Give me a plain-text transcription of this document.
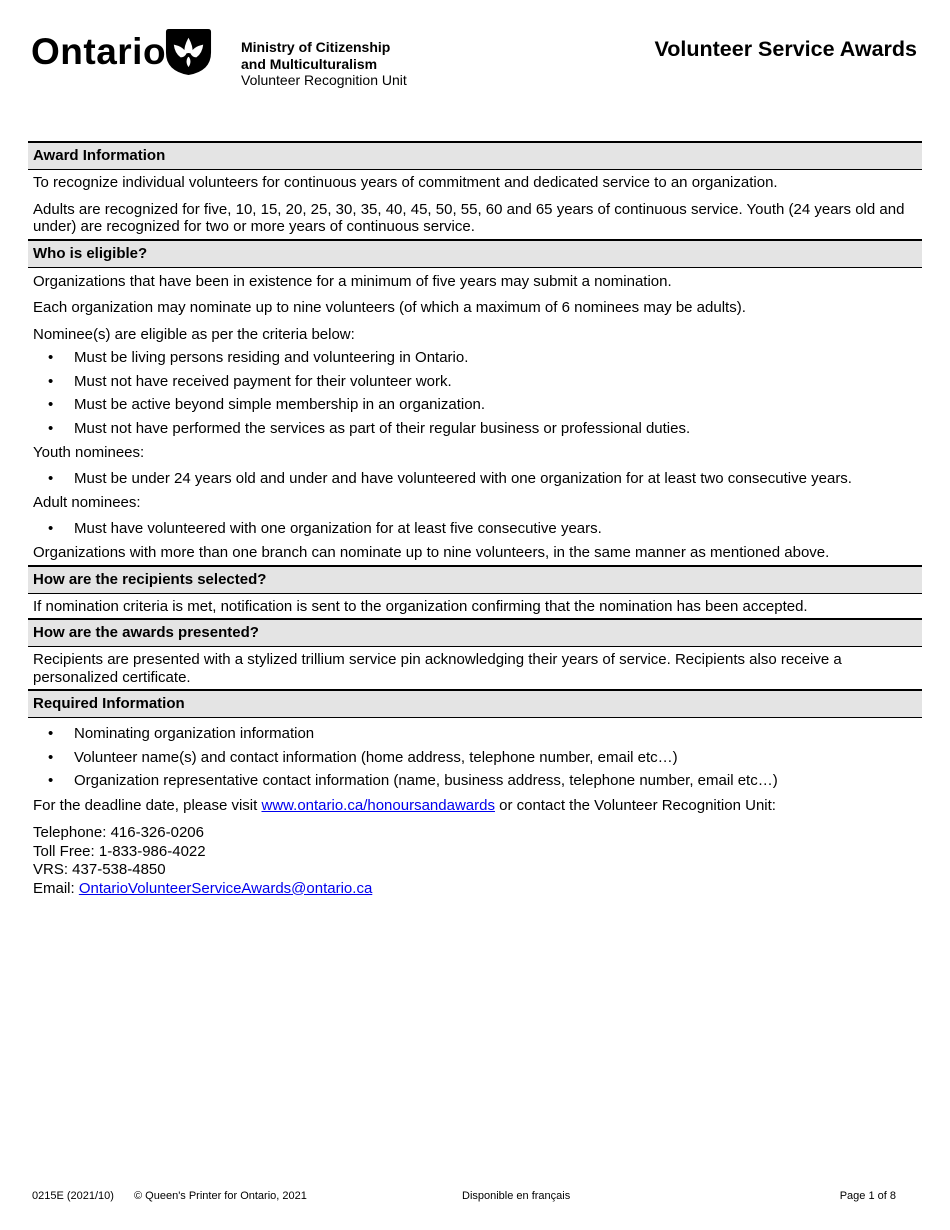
Ontario	Ministry of Citizenship
and Multiculturalism
Volunteer Recognition Unit
Volunteer Service Awards
Award Information
To recognize individual volunteers for continuous years of commitment and dedicated service to an organization.
Adults are recognized for five, 10, 15, 20, 25, 30, 35, 40, 45, 50, 55, 60 and 65 years of continuous service. Youth (24 years old and under) are recognized for two or more years of continuous service.
Who is eligible?
Organizations that have been in existence for a minimum of five years may submit a nomination.
Each organization may nominate up to nine volunteers (of which a maximum of 6 nominees may be adults).
Nominee(s) are eligible as per the criteria below:
• Must be living persons residing and volunteering in Ontario.
• Must not have received payment for their volunteer work.
• Must be active beyond simple membership in an organization.
• Must not have performed the services as part of their regular business or professional duties.
Youth nominees:
• Must be under 24 years old and under and have volunteered with one organization for at least two consecutive years.
Adult nominees:
• Must have volunteered with one organization for at least five consecutive years.
Organizations with more than one branch can nominate up to nine volunteers, in the same manner as mentioned above.
How are the recipients selected?
If nomination criteria is met, notification is sent to the organization confirming that the nomination has been accepted.
How are the awards presented?
Recipients are presented with a stylized trillium service pin acknowledging their years of service. Recipients also receive a personalized certificate.
Required Information
• Nominating organization information
• Volunteer name(s) and contact information (home address, telephone number, email etc…)
• Organization representative contact information (name, business address, telephone number, email etc…)
For the deadline date, please visit www.ontario.ca/honoursandawards or contact the Volunteer Recognition Unit:
Telephone: 416-326-0206
Toll Free: 1-833-986-4022
VRS: 437-538-4850
Email: OntarioVolunteerServiceAwards@ontario.ca
0215E (2021/10) © Queen's Printer for Ontario, 2021	Disponible en français	Page 1 of 8
